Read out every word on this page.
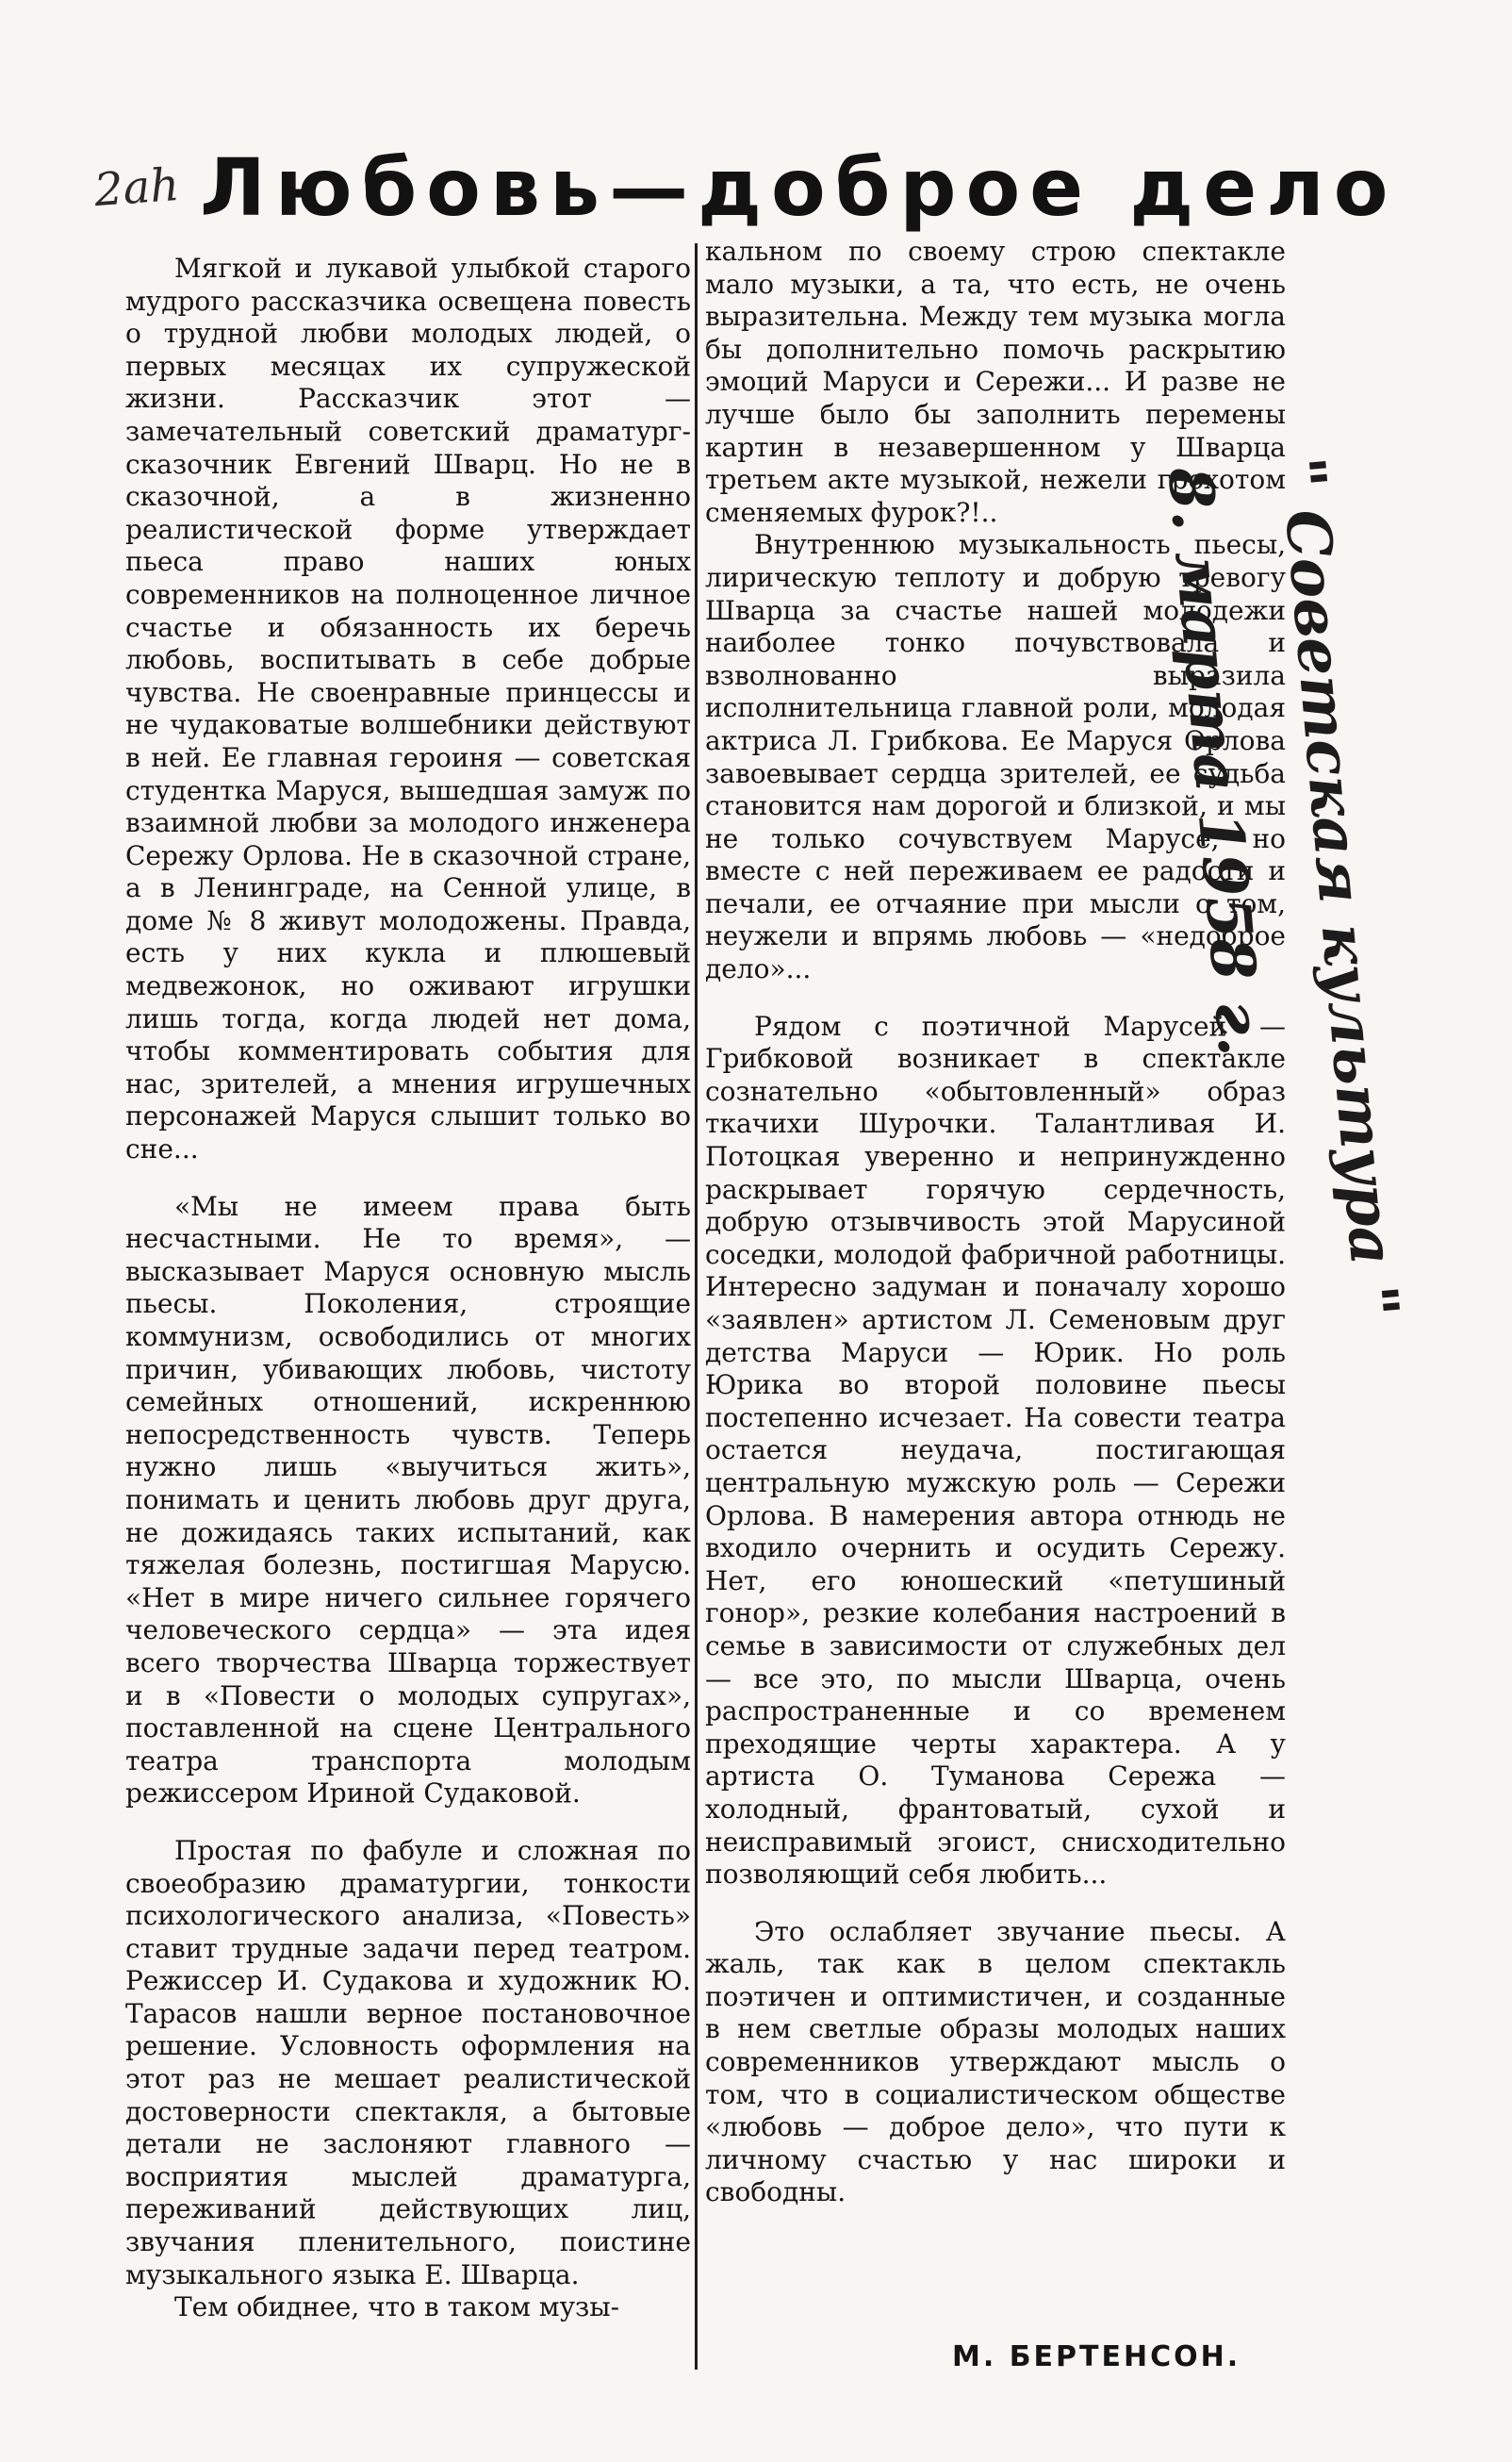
2ah Любовь—доброе дело

Мягкой и лукавой улыбкой старого мудрого рассказчика освещена повесть о трудной любви молодых людей, о первых месяцах их супружеской жизни. Рассказчик этот — замечательный советский драматург-сказочник Евгений Шварц. Но не в сказочной, а в жизненно реалистической форме утверждает пьеса право наших юных современников на полноценное личное счастье и обязанность их беречь любовь, воспитывать в себе добрые чувства. Не своенравные принцессы и не чудаковатые волшебники действуют в ней. Ее главная героиня — советская студентка Маруся, вышедшая замуж по взаимной любви за молодого инженера Сережу Орлова. Не в сказочной стране, а в Ленинграде, на Сенной улице, в доме № 8 живут молодожены. Правда, есть у них кукла и плюшевый медвежонок, но оживают игрушки лишь тогда, когда людей нет дома, чтобы комментировать события для нас, зрителей, а мнения игрушечных персонажей Маруся слышит только во сне...

«Мы не имеем права быть несчастными. Не то время», — высказывает Маруся основную мысль пьесы. Поколения, строящие коммунизм, освободились от многих причин, убивающих любовь, чистоту семейных отношений, искреннюю непосредственность чувств. Теперь нужно лишь «выучиться жить», понимать и ценить любовь друг друга, не дожидаясь таких испытаний, как тяжелая болезнь, постигшая Марусю. «Нет в мире ничего сильнее горячего человеческого сердца» — эта идея всего творчества Шварца торжествует и в «Повести о молодых супругах», поставленной на сцене Центрального театра транспорта молодым режиссером Ириной Судаковой.

Простая по фабуле и сложная по своеобразию драматургии, тонкости психологического анализа, «Повесть» ставит трудные задачи перед театром. Режиссер И. Судакова и художник Ю. Тарасов нашли верное постановочное решение. Условность оформления на этот раз не мешает реалистической достоверности спектакля, а бытовые детали не заслоняют главного — восприятия мыслей драматурга, переживаний действующих лиц, звучания пленительного, поистине музыкального языка Е. Шварца.

Тем обиднее, что в таком музы-

кальном по своему строю спектакле мало музыки, а та, что есть, не очень выразительна. Между тем музыка могла бы дополнительно помочь раскрытию эмоций Маруси и Сережи... И разве не лучше было бы заполнить перемены картин в незавершенном у Шварца третьем акте музыкой, нежели грохотом сменяемых фурок?!..

Внутреннюю музыкальность пьесы, лирическую теплоту и добрую тревогу Шварца за счастье нашей молодежи наиболее тонко почувствовала и взволнованно выразила исполнительница главной роли, молодая актриса Л. Грибкова. Ее Маруся Орлова завоевывает сердца зрителей, ее судьба становится нам дорогой и близкой, и мы не только сочувствуем Марусе, но вместе с ней переживаем ее радости и печали, ее отчаяние при мысли о том, неужели и впрямь любовь — «недоброе дело»...

Рядом с поэтичной Марусей — Грибковой возникает в спектакле сознательно «обытовленный» образ ткачихи Шурочки. Талантливая И. Потоцкая уверенно и непринужденно раскрывает горячую сердечность, добрую отзывчивость этой Марусиной соседки, молодой фабричной работницы. Интересно задуман и поначалу хорошо «заявлен» артистом Л. Семеновым друг детства Маруси — Юрик. Но роль Юрика во второй половине пьесы постепенно исчезает. На совести театра остается неудача, постигающая центральную мужскую роль — Сережи Орлова. В намерения автора отнюдь не входило очернить и осудить Сережу. Нет, его юношеский «петушиный гонор», резкие колебания настроений в семье в зависимости от служебных дел — все это, по мысли Шварца, очень распространенные и со временем преходящие черты характера. А у артиста О. Туманова Сережа — холодный, франтоватый, сухой и неисправимый эгоист, снисходительно позволяющий себя любить...

Это ослабляет звучание пьесы. А жаль, так как в целом спектакль поэтичен и оптимистичен, и созданные в нем светлые образы молодых наших современников утверждают мысль о том, что в социалистическом обществе «любовь — доброе дело», что пути к личному счастью у нас широки и свободны.

М. БЕРТЕНСОН.
" Советская культура "
8. марта 1958 г.
